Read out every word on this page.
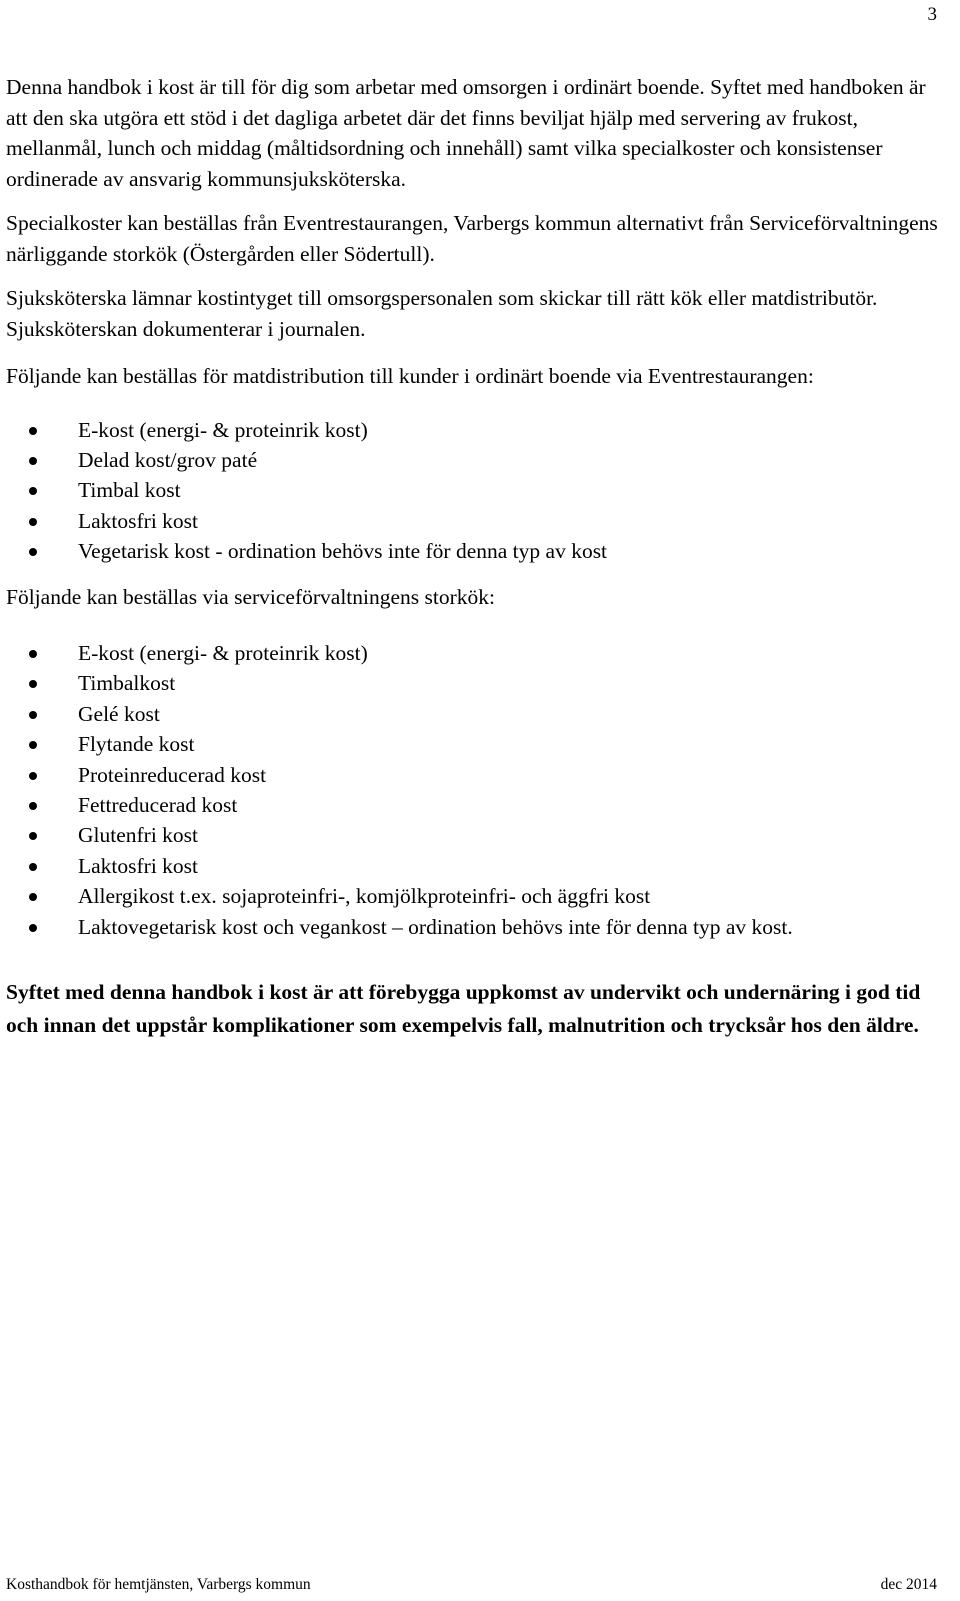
3

Denna handbok i kost är till för dig som arbetar med omsorgen i ordinärt boende. Syftet med handboken är att den ska utgöra ett stöd i det dagliga arbetet där det finns beviljat hjälp med servering av frukost, mellanmål, lunch och middag (måltidsordning och innehåll) samt vilka specialkoster och konsistenser ordinerade av ansvarig kommunsjuksköterska.

Specialkoster kan beställas från Eventrestaurangen, Varbergs kommun alternativt från Serviceförvaltningens närliggande storkök (Östergården eller Södertull).

Sjuksköterska lämnar kostintyget till omsorgspersonalen som skickar till rätt kök eller matdistributör. Sjuksköterskan dokumenterar i journalen.

Följande kan beställas för matdistribution till kunder i ordinärt boende via Eventrestaurangen:

E-kost (energi- & proteinrik kost)
Delad kost/grov paté
Timbal kost
Laktosfri kost
Vegetarisk kost - ordination behövs inte för denna typ av kost

Följande kan beställas via serviceförvaltningens storkök:

E-kost (energi- & proteinrik kost)
Timbalkost
Gelé kost
Flytande kost
Proteinreducerad kost
Fettreducerad kost
Glutenfri kost
Laktosfri kost
Allergikost t.ex. sojaproteinfri-, komjölkproteinfri- och äggfri kost
Laktovegetarisk kost och vegankost – ordination behövs inte för denna typ av kost.

Syftet med denna handbok i kost är att förebygga uppkomst av undervikt och undernäring i god tid och innan det uppstår komplikationer som exempelvis fall, malnutrition och trycksår hos den äldre.

Kosthandbok för hemtjänsten, Varbergs kommun	dec 2014
